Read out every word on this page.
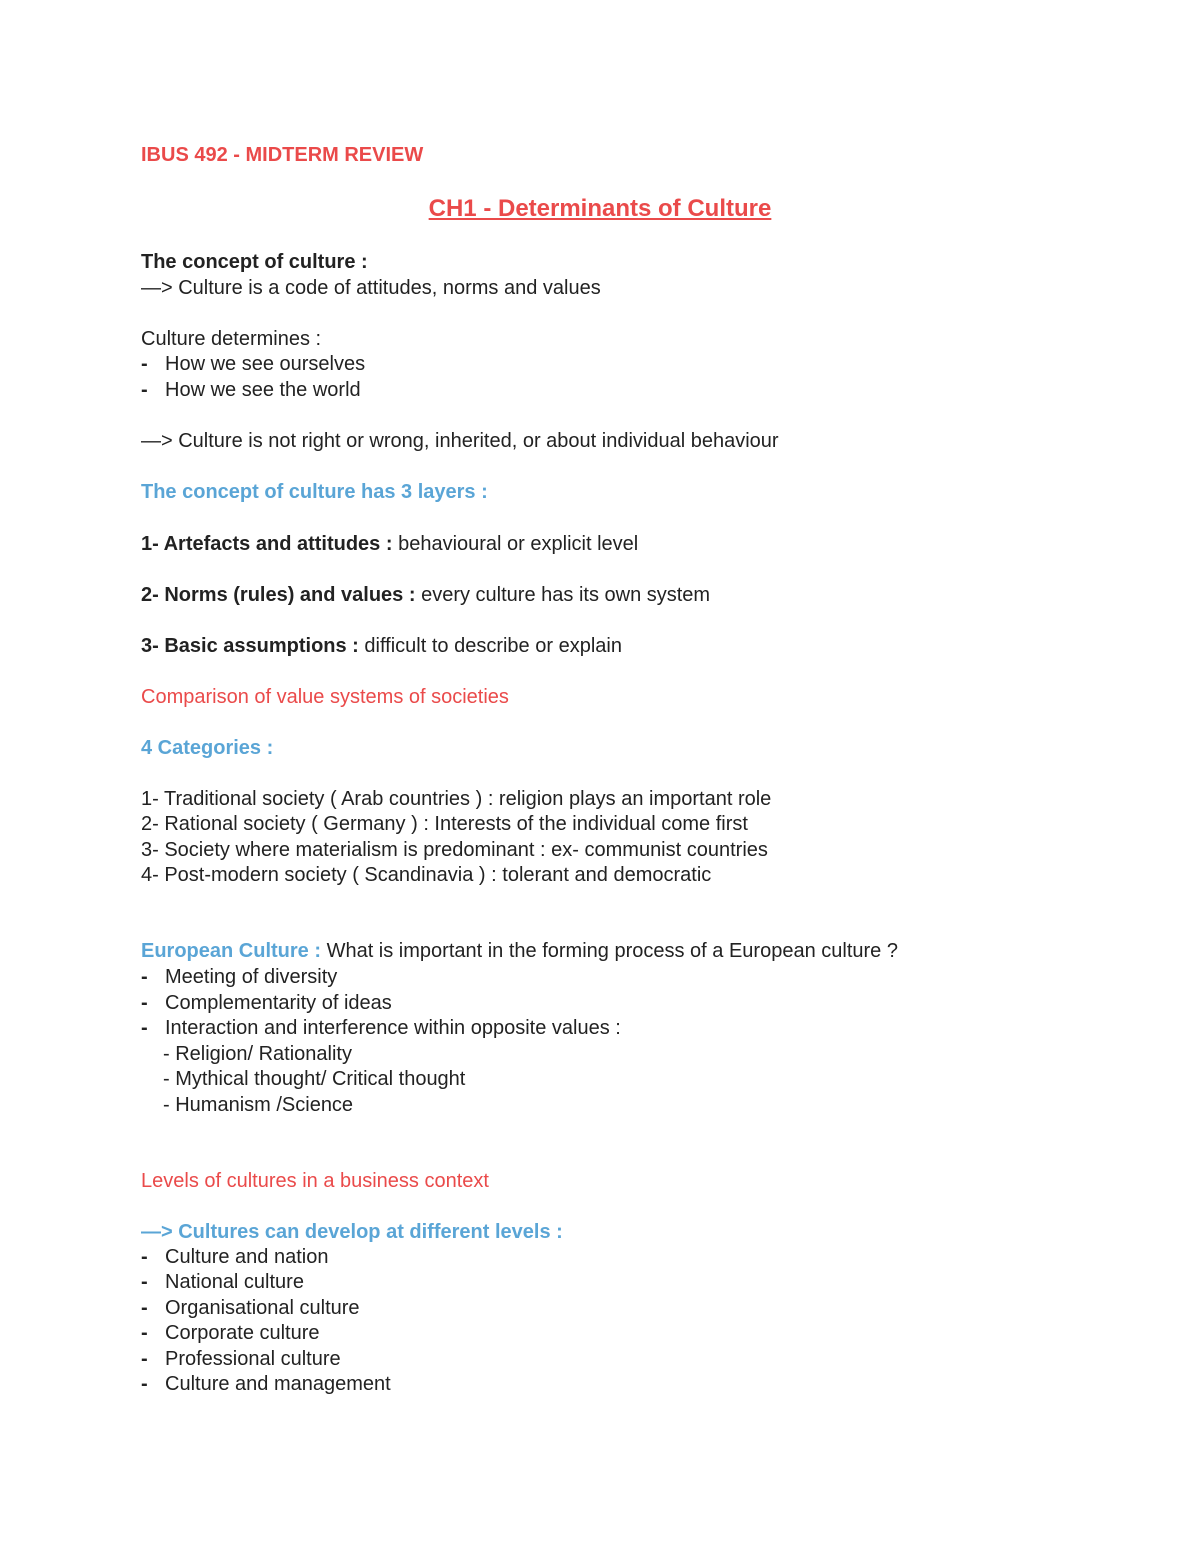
IBUS 492 - MIDTERM REVIEW
CH1 - Determinants of Culture
The concept of culture :
—> Culture is a code of attitudes, norms and values
Culture determines :
- How we see ourselves
- How we see the world
—> Culture is not right or wrong, inherited, or about individual behaviour
The concept of culture has 3 layers :
1- Artefacts and attitudes : behavioural or explicit level
2- Norms (rules) and values : every culture has its own system
3- Basic assumptions : difficult to describe or explain
Comparison of value systems of societies
4 Categories :
1- Traditional society ( Arab countries ) : religion plays an important role
2- Rational society ( Germany ) : Interests of the individual come first
3- Society where materialism is predominant : ex- communist countries
4- Post-modern society ( Scandinavia ) : tolerant and democratic
European Culture : What is important in the forming process of a European culture ?
- Meeting of diversity
- Complementarity of ideas
- Interaction and interference within opposite values :
- Religion/ Rationality
- Mythical thought/ Critical thought
- Humanism /Science
Levels of cultures in a business context
—> Cultures can develop at different levels :
- Culture and nation
- National culture
- Organisational culture
- Corporate culture
- Professional culture
- Culture and management
